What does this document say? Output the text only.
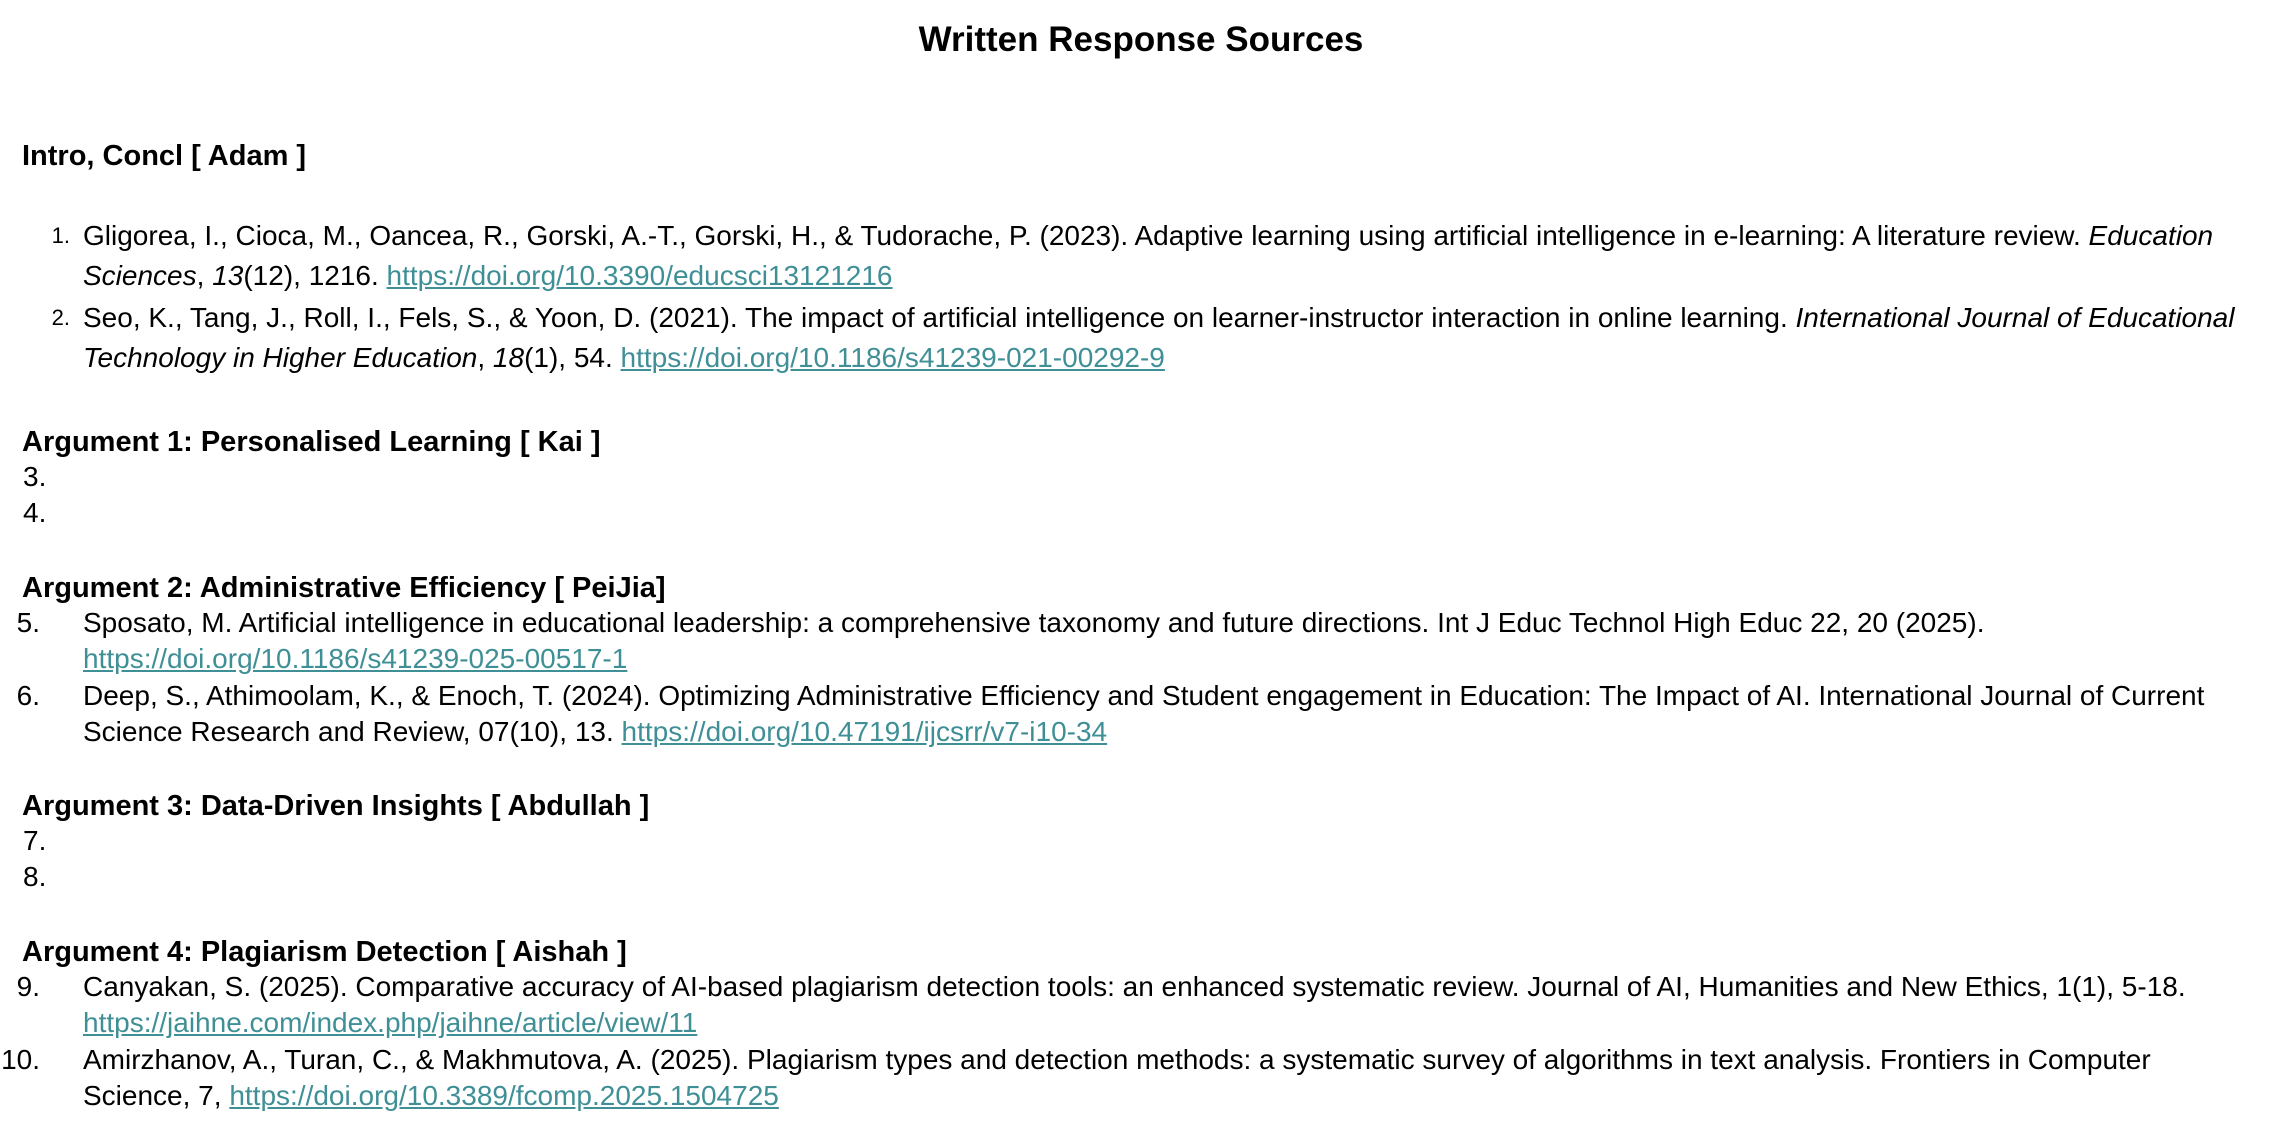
Written Response Sources
Intro, Concl [ Adam ]
1. Gligorea, I., Cioca, M., Oancea, R., Gorski, A.-T., Gorski, H., & Tudorache, P. (2023). Adaptive learning using artificial intelligence in e-learning: A literature review. Education Sciences, 13(12), 1216. https://doi.org/10.3390/educsci13121216
2. Seo, K., Tang, J., Roll, I., Fels, S., & Yoon, D. (2021). The impact of artificial intelligence on learner-instructor interaction in online learning. International Journal of Educational Technology in Higher Education, 18(1), 54. https://doi.org/10.1186/s41239-021-00292-9
Argument 1: Personalised Learning [ Kai ]
3.
4.
Argument 2: Administrative Efficiency [ PeiJia]
5. Sposato, M. Artificial intelligence in educational leadership: a comprehensive taxonomy and future directions. Int J Educ Technol High Educ 22, 20 (2025). https://doi.org/10.1186/s41239-025-00517-1
6. Deep, S., Athimoolam, K., & Enoch, T. (2024). Optimizing Administrative Efficiency and Student engagement in Education: The Impact of AI. International Journal of Current Science Research and Review, 07(10), 13. https://doi.org/10.47191/ijcsrr/v7-i10-34
Argument 3: Data-Driven Insights [ Abdullah ]
7.
8.
Argument 4: Plagiarism Detection [ Aishah ]
9. Canyakan, S. (2025). Comparative accuracy of AI-based plagiarism detection tools: an enhanced systematic review. Journal of AI, Humanities and New Ethics, 1(1), 5-18. https://jaihne.com/index.php/jaihne/article/view/11
10. Amirzhanov, A., Turan, C., & Makhmutova, A. (2025). Plagiarism types and detection methods: a systematic survey of algorithms in text analysis. Frontiers in Computer Science, 7, https://doi.org/10.3389/fcomp.2025.1504725
